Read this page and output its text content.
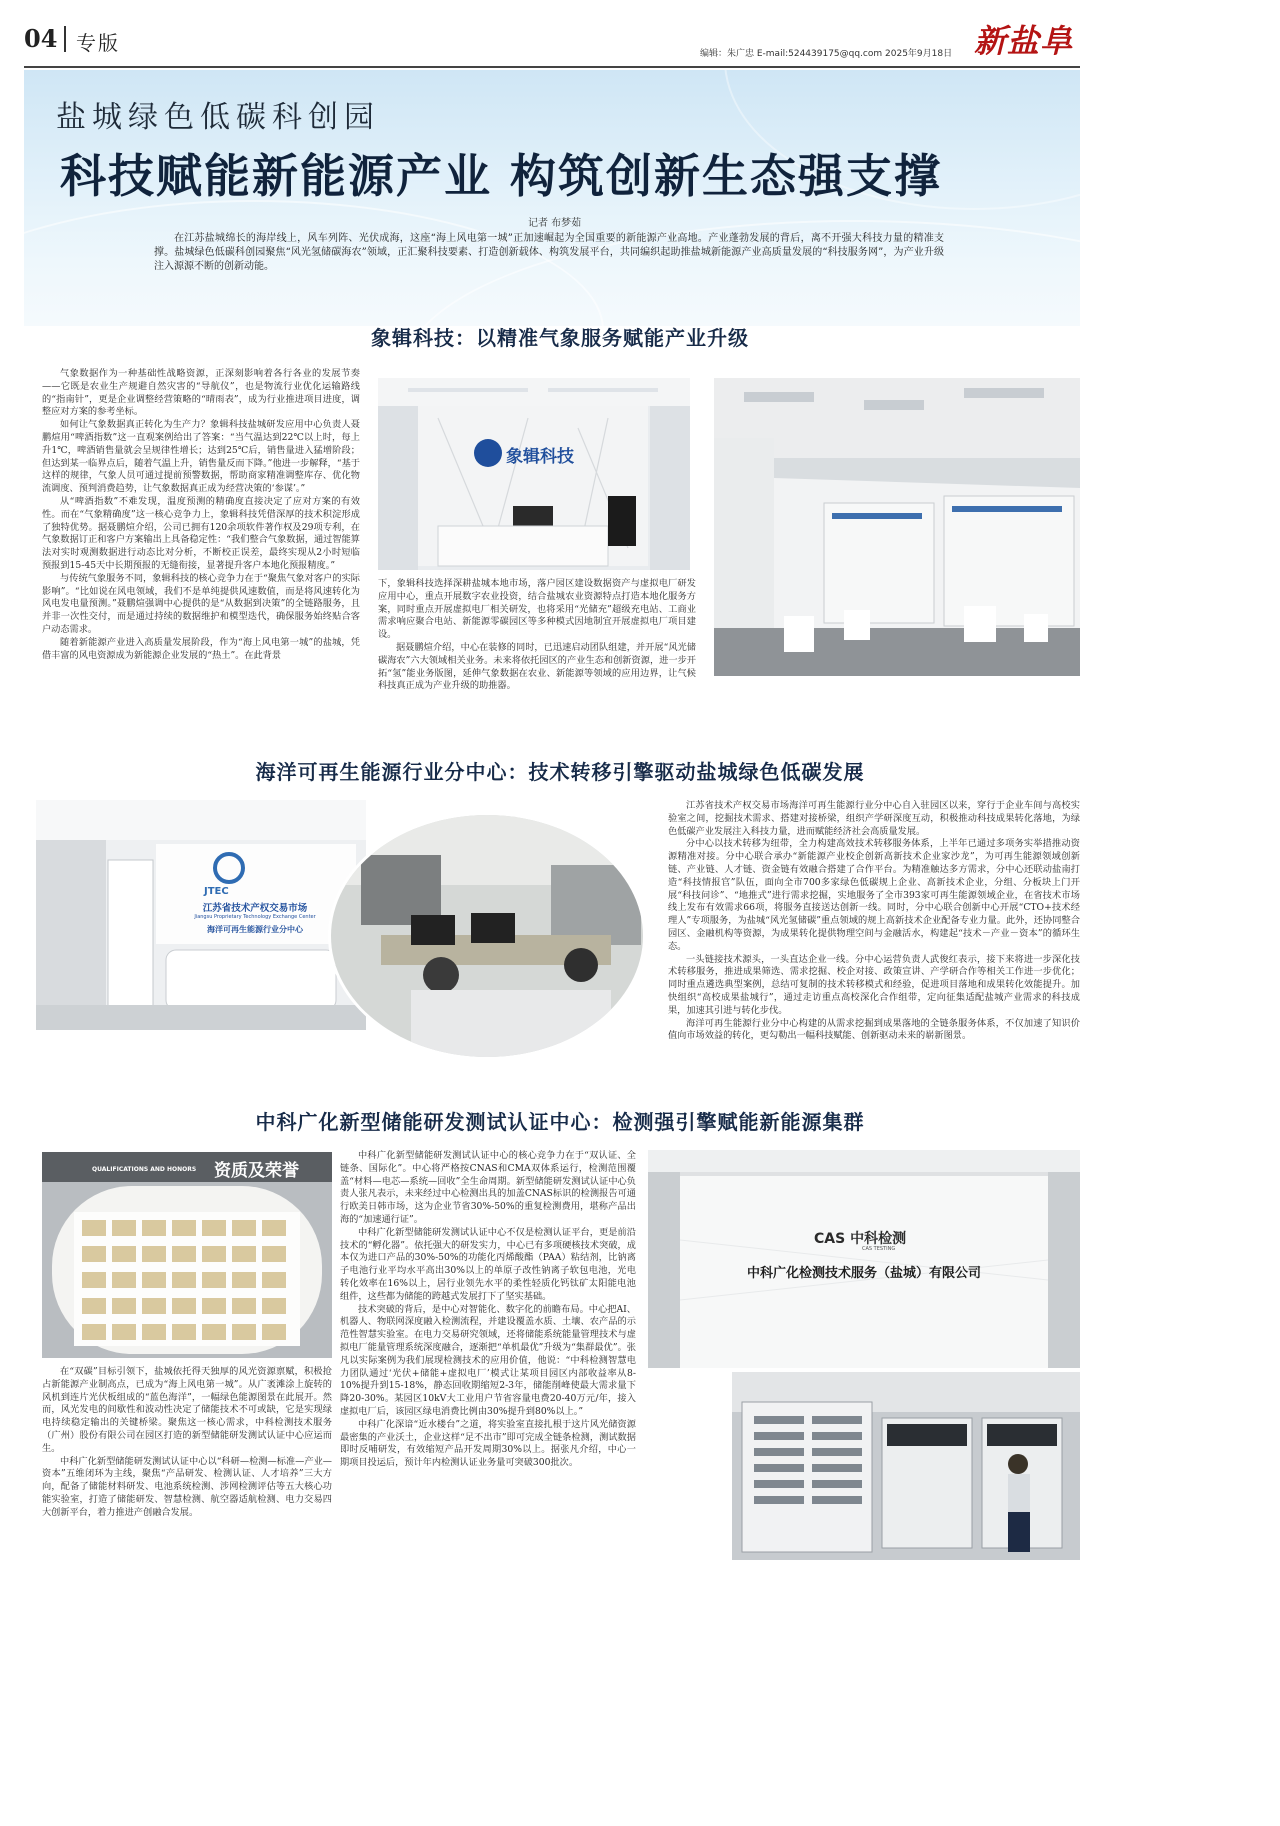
04 专版	编辑：朱广忠 E-mail:524439175@qq.com 2025年9月18日 新盐阜
盐城绿色低碳科创园
科技赋能新能源产业 构筑创新生态强支撑
记者 布梦茹
在江苏盐城绵长的海岸线上，风车列阵、光伏成海，这座“海上风电第一城”正加速崛起为全国重要的新能源产业高地。产业蓬勃发展的背后，离不开强大科技力量的精准支撑。盐城绿色低碳科创园聚焦“风光氢储碳海农”领域，正汇聚科技要素、打造创新载体、构筑发展平台，共同编织起助推盐城新能源产业高质量发展的“科技服务网”，为产业升级注入源源不断的创新动能。
象辑科技：以精准气象服务赋能产业升级

气象数据作为一种基础性战略资源，正深刻影响着各行各业的发展节奏——它既是农业生产规避自然灾害的“导航仪”，也是物流行业优化运输路线的“指南针”，更是企业调整经营策略的“晴雨表”，成为行业推进项目进度，调整应对方案的参考坐标。

如何让气象数据真正转化为生产力？象辑科技盐城研发应用中心负责人聂鹏煊用“啤酒指数”这一直观案例给出了答案：“当气温达到22℃以上时，每上升1℃，啤酒销售量就会呈规律性增长；达到25℃后，销售量进入猛增阶段；但达到某一临界点后，随着气温上升，销售量反而下降。”他进一步解释，“基于这样的规律，气象人员可通过提前预警数据，帮助商家精准调整库存、优化物流调度、预判消费趋势，让气象数据真正成为经营决策的‘参谋’。”

从“啤酒指数”不难发现，温度预测的精确度直接决定了应对方案的有效性。而在“气象精确度”这一核心竞争力上，象辑科技凭借深厚的技术积淀形成了独特优势。据聂鹏煊介绍，公司已拥有120余项软件著作权及29项专利，在气象数据订正和客户方案输出上具备稳定性：“我们整合气象数据，通过智能算法对实时观测数据进行动态比对分析，不断校正误差，最终实现从2小时短临预报到15-45天中长期预报的无缝衔接，显著提升客户本地化预报精度。”

与传统气象服务不同，象辑科技的核心竞争力在于“聚焦气象对客户的实际影响”。“比如说在风电领域，我们不是单纯提供风速数值，而是将风速转化为风电发电量预测。”聂鹏煊强调中心提供的是“从数据到决策”的全链路服务，且并非一次性交付，而是通过持续的数据维护和模型迭代，确保服务始终贴合客户动态需求。

随着新能源产业进入高质量发展阶段，作为“海上风电第一城”的盐城，凭借丰富的风电资源成为新能源企业发展的“热土”。在此背景

象辑科技

下，象辑科技选择深耕盐城本地市场，落户园区建设数据资产与虚拟电厂研发应用中心，重点开展数字农业投资，结合盐城农业资源特点打造本地化服务方案，同时重点开展虚拟电厂相关研发，也将采用“光储充”超级充电站、工商业需求响应聚合电站、新能源零碳园区等多种模式因地制宜开展虚拟电厂项目建设。

据聂鹏煊介绍，中心在装修的同时，已迅速启动团队组建，并开展“风光储碳海农”六大领域相关业务。未来将依托园区的产业生态和创新资源，进一步开拓“氢”能业务版图，延伸气象数据在农业、新能源等领域的应用边界，让气候科技真正成为产业升级的助推器。

海洋可再生能源行业分中心：技术转移引擎驱动盐城绿色低碳发展
JTEC
江苏省技术产权交易市场
Jiangsu Proprietary Technology Exchange Center
海洋可再生能源行业分中心

江苏省技术产权交易市场海洋可再生能源行业分中心自入驻园区以来，穿行于企业车间与高校实验室之间，挖掘技术需求、搭建对接桥梁，组织产学研深度互动，积极推动科技成果转化落地，为绿色低碳产业发展注入科技力量，进而赋能经济社会高质量发展。

分中心以技术转移为纽带，全力构建高效技术转移服务体系，上半年已通过多项务实举措推动资源精准对接。分中心联合承办“新能源产业校企创新高新技术企业家沙龙”，为可再生能源领域创新链、产业链、人才链、资金链有效融合搭建了合作平台。为精准触达多方需求，分中心还联动盐南打造“科技情报官”队伍，面向全市700多家绿色低碳规上企业、高新技术企业，分组、分板块上门开展“科技问诊”、“地推式”进行需求挖掘，实地服务了全市393家可再生能源领域企业，在省技术市场线上发布有效需求66项，将服务直接送达创新一线。同时，分中心联合创新中心开展“CTO+技术经理人”专项服务，为盐城“风光氢储碳”重点领域的规上高新技术企业配备专业力量。此外，还协同整合园区、金融机构等资源，为成果转化提供物理空间与金融活水，构建起“技术－产业－资本”的循环生态。

一头链接技术源头，一头直达企业一线。分中心运营负责人武俊红表示，接下来将进一步深化技术转移服务，推进成果筛选、需求挖掘、校企对接、政策宣讲、产学研合作等相关工作进一步优化；同时重点遴选典型案例，总结可复制的技术转移模式和经验，促进项目落地和成果转化效能提升。加快组织“高校成果盐城行”，通过走访重点高校深化合作组带，定向征集适配盐城产业需求的科技成果，加速其引进与转化步伐。

海洋可再生能源行业分中心构建的从需求挖掘到成果落地的全链条服务体系，不仅加速了知识价值向市场效益的转化，更勾勒出一幅科技赋能、创新驱动未来的崭新图景。

中科广化新型储能研发测试认证中心：检测强引擎赋能新能源集群
QUALIFICATIONS AND HONORS 资质及荣誉

在“双碳”目标引领下，盐城依托得天独厚的风光资源禀赋，积极抢占新能源产业制高点，已成为“海上风电第一城”。从广袤滩涂上旋转的风机到连片光伏板组成的“蓝色海洋”，一幅绿色能源图景在此展开。然而，风光发电的间歇性和波动性决定了储能技术不可或缺，它是实现绿电持续稳定输出的关键桥梁。聚焦这一核心需求，中科检测技术服务（广州）股份有限公司在园区打造的新型储能研发测试认证中心应运而生。

中科广化新型储能研发测试认证中心以“科研—检测—标准—产业—资本”五维闭环为主线，聚焦“产品研发、检测认证、人才培养”三大方向，配备了储能材料研发、电池系统检测、涉网检测评估等五大核心功能实验室，打造了储能研发、智慧检测、航空器适航检测、电力交易四大创新平台，着力推进产创融合发展。

中科广化新型储能研发测试认证中心的核心竞争力在于“双认证、全链条、国际化”。中心将严格按CNAS和CMA双体系运行，检测范围覆盖“材料—电芯—系统—回收”全生命周期。新型储能研发测试认证中心负责人张凡表示，未来经过中心检测出具的加盖CNAS标识的检测报告可通行欧美日韩市场，这为企业节省30%-50%的重复检测费用，堪称产品出海的“加速通行证”。

中科广化新型储能研发测试认证中心不仅是检测认证平台，更是前沿技术的“孵化器”。依托强大的研发实力，中心已有多项硬核技术突破，成本仅为进口产品的30%-50%的功能化丙烯酸酯（PAA）粘结剂，比钠离子电池行业平均水平高出30%以上的单原子改性钠离子软包电池，光电转化效率在16%以上，居行业领先水平的柔性轻质化钙钛矿太阳能电池组件，这些都为储能的跨越式发展打下了坚实基础。

技术突破的背后，是中心对智能化、数字化的前瞻布局。中心把AI、机器人、物联网深度融入检测流程，并建设覆盖水质、土壤、农产品的示范性智慧实验室。在电力交易研究领域，还将储能系统能量管理技术与虚拟电厂能量管理系统深度融合，逐渐把“单机最优”升级为“集群最优”。张凡以实际案例为我们展现检测技术的应用价值，他说：“中科检测智慧电力团队通过‘光伏+储能+虚拟电厂’模式让某项目园区内部收益率从8-10%提升到15-18%，静态回收期缩短2-3年，储能削峰使最大需求量下降20-30%。某园区10kV大工业用户节省容量电费20-40万元/年，接入虚拟电厂后，该园区绿电消费比例由30%提升到80%以上。”

中科广化深谙“近水楼台”之道，将实验室直接扎根于这片风光储资源最密集的产业沃土，企业这样“足不出市”即可完成全链条检测，测试数据即时反哺研发，有效缩短产品开发周期30%以上。据张凡介绍，中心一期项目投运后，预计年内检测认证业务量可突破300批次。

CAS 中科检测
CAS TESTING
中科广化检测技术服务（盐城）有限公司
